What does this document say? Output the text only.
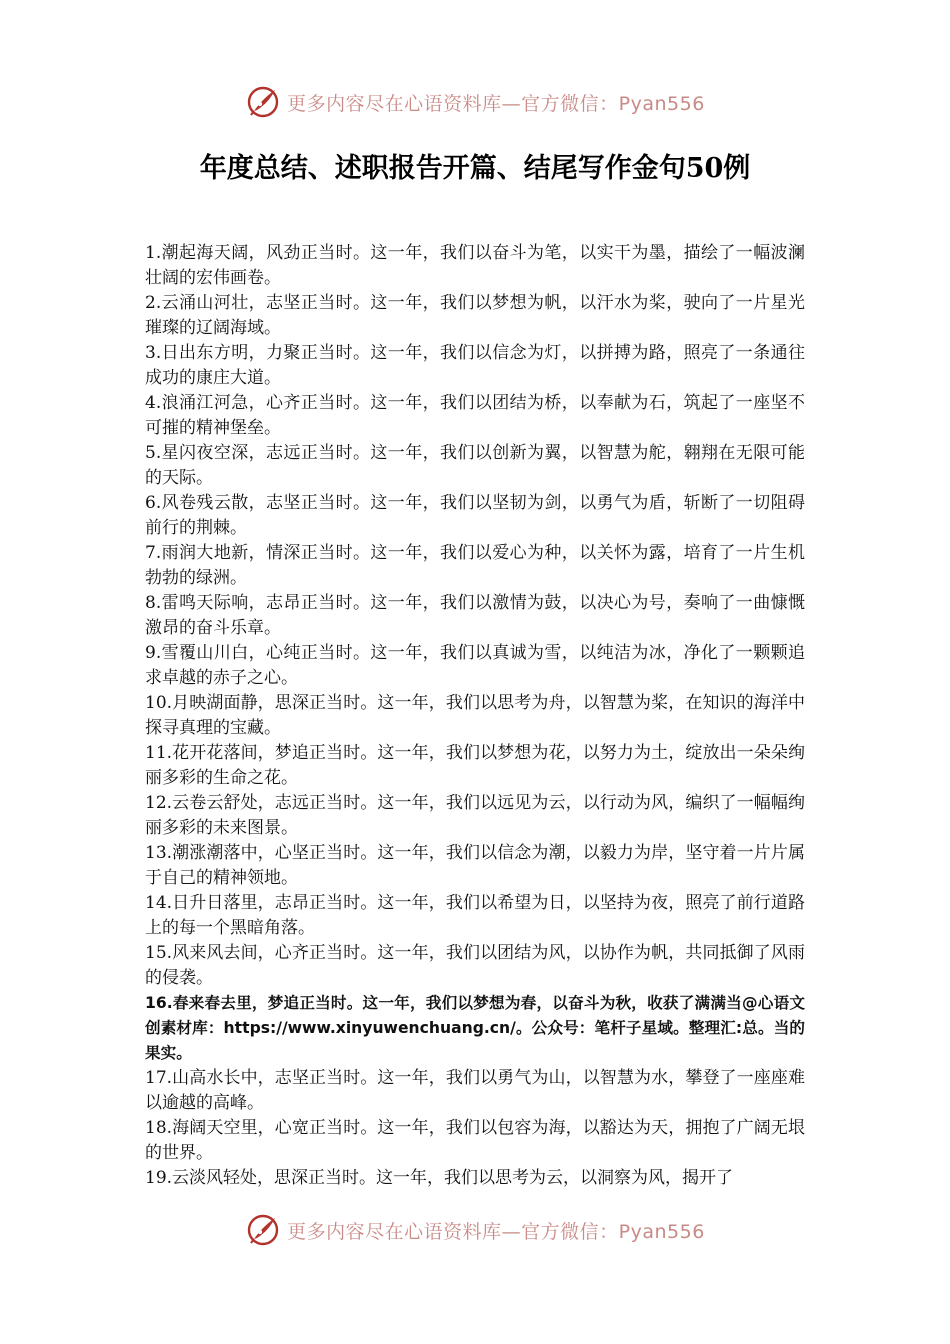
更多内容尽在心语资料库—官方微信：Pyan556
年度总结、述职报告开篇、结尾写作金句50例

1.潮起海天阔，风劲正当时。这一年，我们以奋斗为笔，以实干为墨，描绘了一幅波澜壮阔的宏伟画卷。

2.云涌山河壮，志坚正当时。这一年，我们以梦想为帆，以汗水为桨，驶向了一片星光璀璨的辽阔海域。

3.日出东方明，力聚正当时。这一年，我们以信念为灯，以拼搏为路，照亮了一条通往成功的康庄大道。

4.浪涌江河急，心齐正当时。这一年，我们以团结为桥，以奉献为石，筑起了一座坚不可摧的精神堡垒。

5.星闪夜空深，志远正当时。这一年，我们以创新为翼，以智慧为舵，翱翔在无限可能的天际。

6.风卷残云散，志坚正当时。这一年，我们以坚韧为剑，以勇气为盾，斩断了一切阻碍前行的荆棘。

7.雨润大地新，情深正当时。这一年，我们以爱心为种，以关怀为露，培育了一片生机勃勃的绿洲。

8.雷鸣天际响，志昂正当时。这一年，我们以激情为鼓，以决心为号，奏响了一曲慷慨激昂的奋斗乐章。

9.雪覆山川白，心纯正当时。这一年，我们以真诚为雪，以纯洁为冰，净化了一颗颗追求卓越的赤子之心。

10.月映湖面静，思深正当时。这一年，我们以思考为舟，以智慧为桨，在知识的海洋中探寻真理的宝藏。

11.花开花落间，梦追正当时。这一年，我们以梦想为花，以努力为土，绽放出一朵朵绚丽多彩的生命之花。

12.云卷云舒处，志远正当时。这一年，我们以远见为云，以行动为风，编织了一幅幅绚丽多彩的未来图景。

13.潮涨潮落中，心坚正当时。这一年，我们以信念为潮，以毅力为岸，坚守着一片片属于自己的精神领地。

14.日升日落里，志昂正当时。这一年，我们以希望为日，以坚持为夜，照亮了前行道路上的每一个黑暗角落。

15.风来风去间，心齐正当时。这一年，我们以团结为风，以协作为帆，共同抵御了风雨的侵袭。

16.春来春去里，梦追正当时。这一年，我们以梦想为春，以奋斗为秋，收获了满满当@心语文创素材库：https://www.xinyuwenchuang.cn/。公众号：笔杆子星域。整理汇:总。当的果实。

17.山高水长中，志坚正当时。这一年，我们以勇气为山，以智慧为水，攀登了一座座难以逾越的高峰。

18.海阔天空里，心宽正当时。这一年，我们以包容为海，以豁达为天，拥抱了广阔无垠的世界。

19.云淡风轻处，思深正当时。这一年，我们以思考为云，以洞察为风，揭开了

更多内容尽在心语资料库—官方微信：Pyan556
